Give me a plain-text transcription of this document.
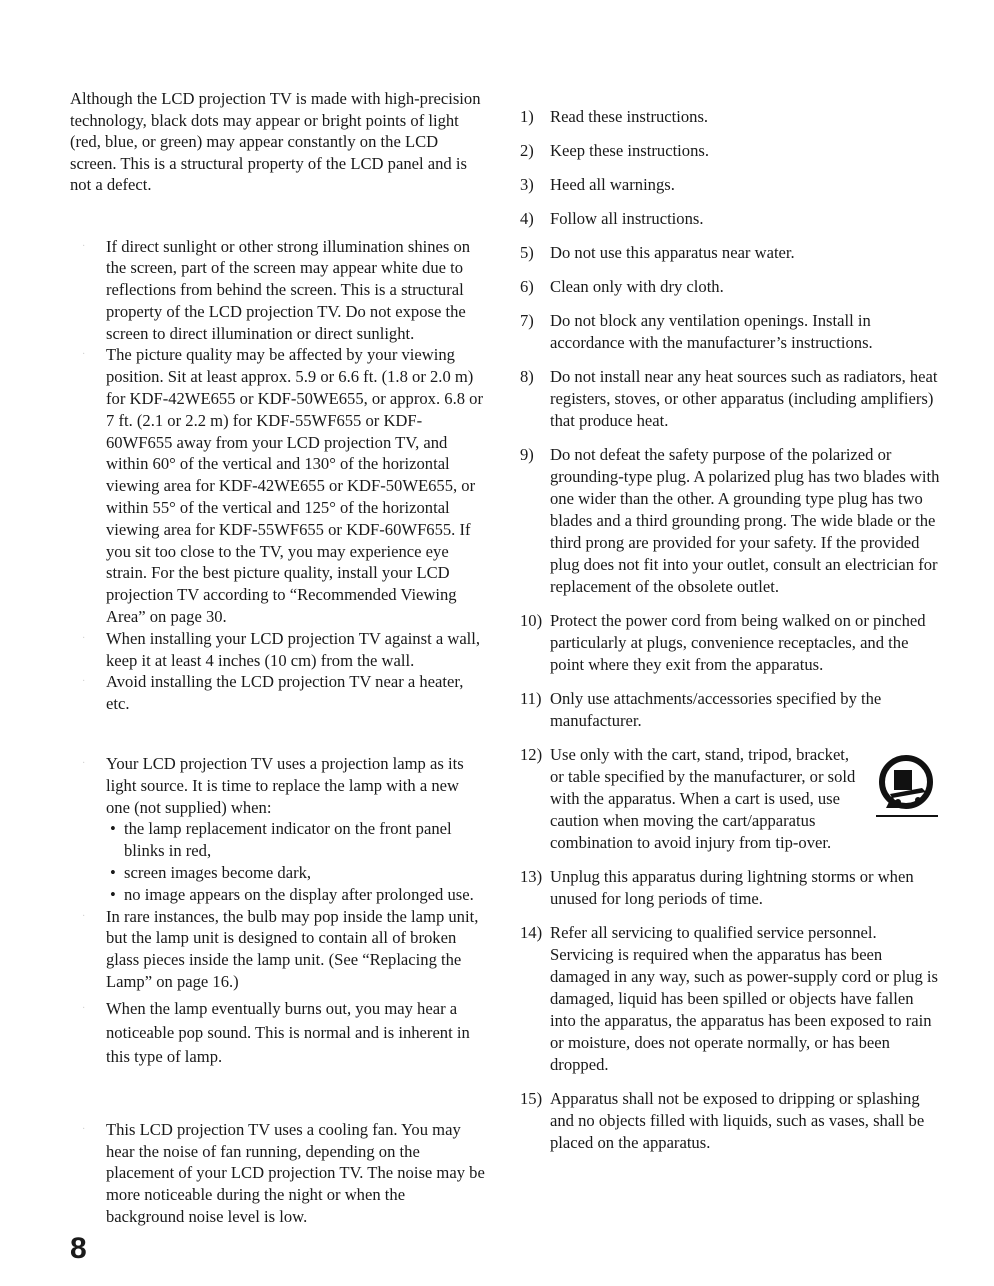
Although the LCD projection TV is made with high-precision technology, black dots may appear or bright points of light (red, blue, or green) may appear constantly on the LCD screen. This is a structural property of the LCD panel and is not a defect.

· If direct sunlight or other strong illumination shines on the screen, part of the screen may appear white due to reflections from behind the screen. This is a structural property of the LCD projection TV. Do not expose the screen to direct illumination or direct sunlight.

· The picture quality may be affected by your viewing position. Sit at least approx. 5.9 or 6.6 ft. (1.8 or 2.0 m) for KDF-42WE655 or KDF-50WE655, or approx. 6.8 or 7 ft. (2.1 or 2.2 m) for KDF-55WF655 or KDF-60WF655 away from your LCD projection TV, and within 60° of the vertical and 130° of the horizontal viewing area for KDF-42WE655 or KDF-50WE655, or within 55° of the vertical and 125° of the horizontal viewing area for KDF-55WF655 or KDF-60WF655. If you sit too close to the TV, you may experience eye strain. For the best picture quality, install your LCD projection TV according to “Recommended Viewing Area” on page 30.

· When installing your LCD projection TV against a wall, keep it at least 4 inches (10 cm) from the wall.

· Avoid installing the LCD projection TV near a heater, etc.

· Your LCD projection TV uses a projection lamp as its light source. It is time to replace the lamp with a new one (not supplied) when:

• the lamp replacement indicator on the front panel blinks in red,
• screen images become dark,
• no image appears on the display after prolonged use.
· In rare instances, the bulb may pop inside the lamp unit, but the lamp unit is designed to contain all of broken glass pieces inside the lamp unit. (See “Replacing the Lamp” on page 16.)

· When the lamp eventually burns out, you may hear a noticeable pop sound. This is normal and is inherent in this type of lamp.

· This LCD projection TV uses a cooling fan. You may hear the noise of fan running, depending on the placement of your LCD projection TV. The noise may be more noticeable during the night or when the background noise level is low.

1) Read these instructions.
2) Keep these instructions.
3) Heed all warnings.
4) Follow all instructions.
5) Do not use this apparatus near water.
6) Clean only with dry cloth.
7) Do not block any ventilation openings. Install in accordance with the manufacturer’s instructions.
8) Do not install near any heat sources such as radiators, heat registers, stoves, or other apparatus (including amplifiers) that produce heat.
9) Do not defeat the safety purpose of the polarized or grounding-type plug. A polarized plug has two blades with one wider than the other. A grounding type plug has two blades and a third grounding prong. The wide blade or the third prong are provided for your safety. If the provided plug does not fit into your outlet, consult an electrician for replacement of the obsolete outlet.
10) Protect the power cord from being walked on or pinched particularly at plugs, convenience receptacles, and the point where they exit from the apparatus.
11) Only use attachments/accessories specified by the manufacturer.
12) Use only with the cart, stand, tripod, bracket, or table specified by the manufacturer, or sold with the apparatus. When a cart is used, use caution when moving the cart/apparatus combination to avoid injury from tip-over.
13) Unplug this apparatus during lightning storms or when unused for long periods of time.
14) Refer all servicing to qualified service personnel. Servicing is required when the apparatus has been damaged in any way, such as power-supply cord or plug is damaged, liquid has been spilled or objects have fallen into the apparatus, the apparatus has been exposed to rain or moisture, does not operate normally, or has been dropped.
15) Apparatus shall not be exposed to dripping or splashing and no objects filled with liquids, such as vases, shall be placed on the apparatus.
8
